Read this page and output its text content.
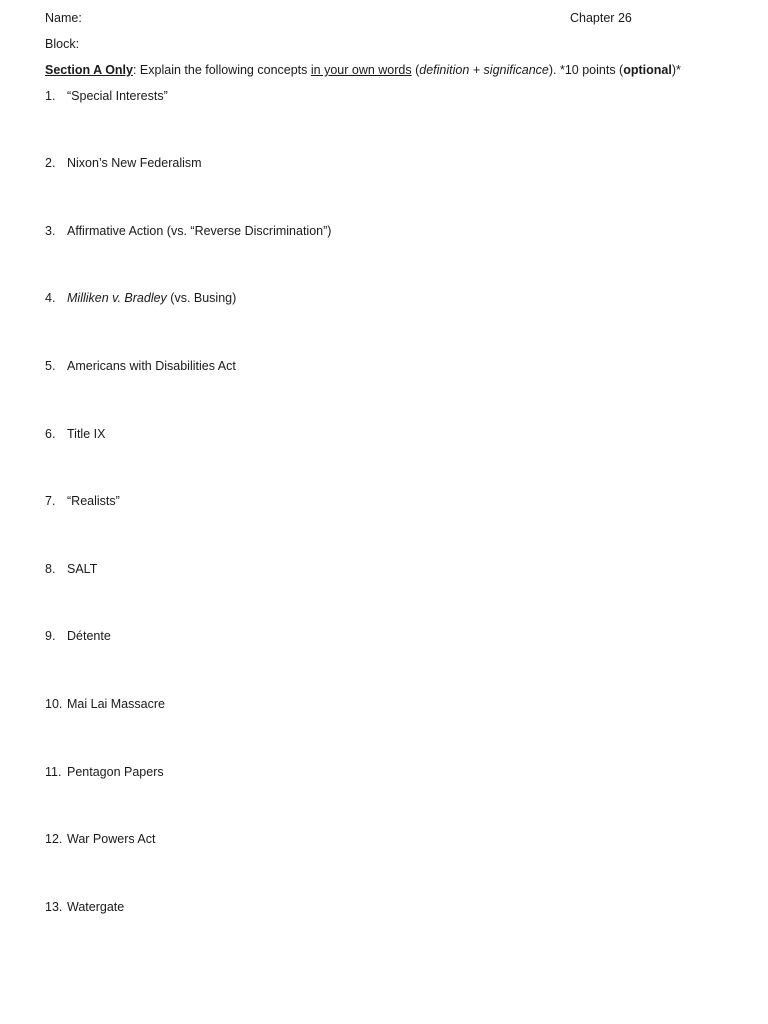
Name:	Chapter 26
Block:
Section A Only: Explain the following concepts in your own words (definition + significance). *10 points (optional)*
1. “Special Interests”
2. Nixon’s New Federalism
3. Affirmative Action (vs. “Reverse Discrimination”)
4. Milliken v. Bradley (vs. Busing)
5. Americans with Disabilities Act
6. Title IX
7. “Realists”
8. SALT
9. Détente
10. Mai Lai Massacre
11. Pentagon Papers
12. War Powers Act
13. Watergate
